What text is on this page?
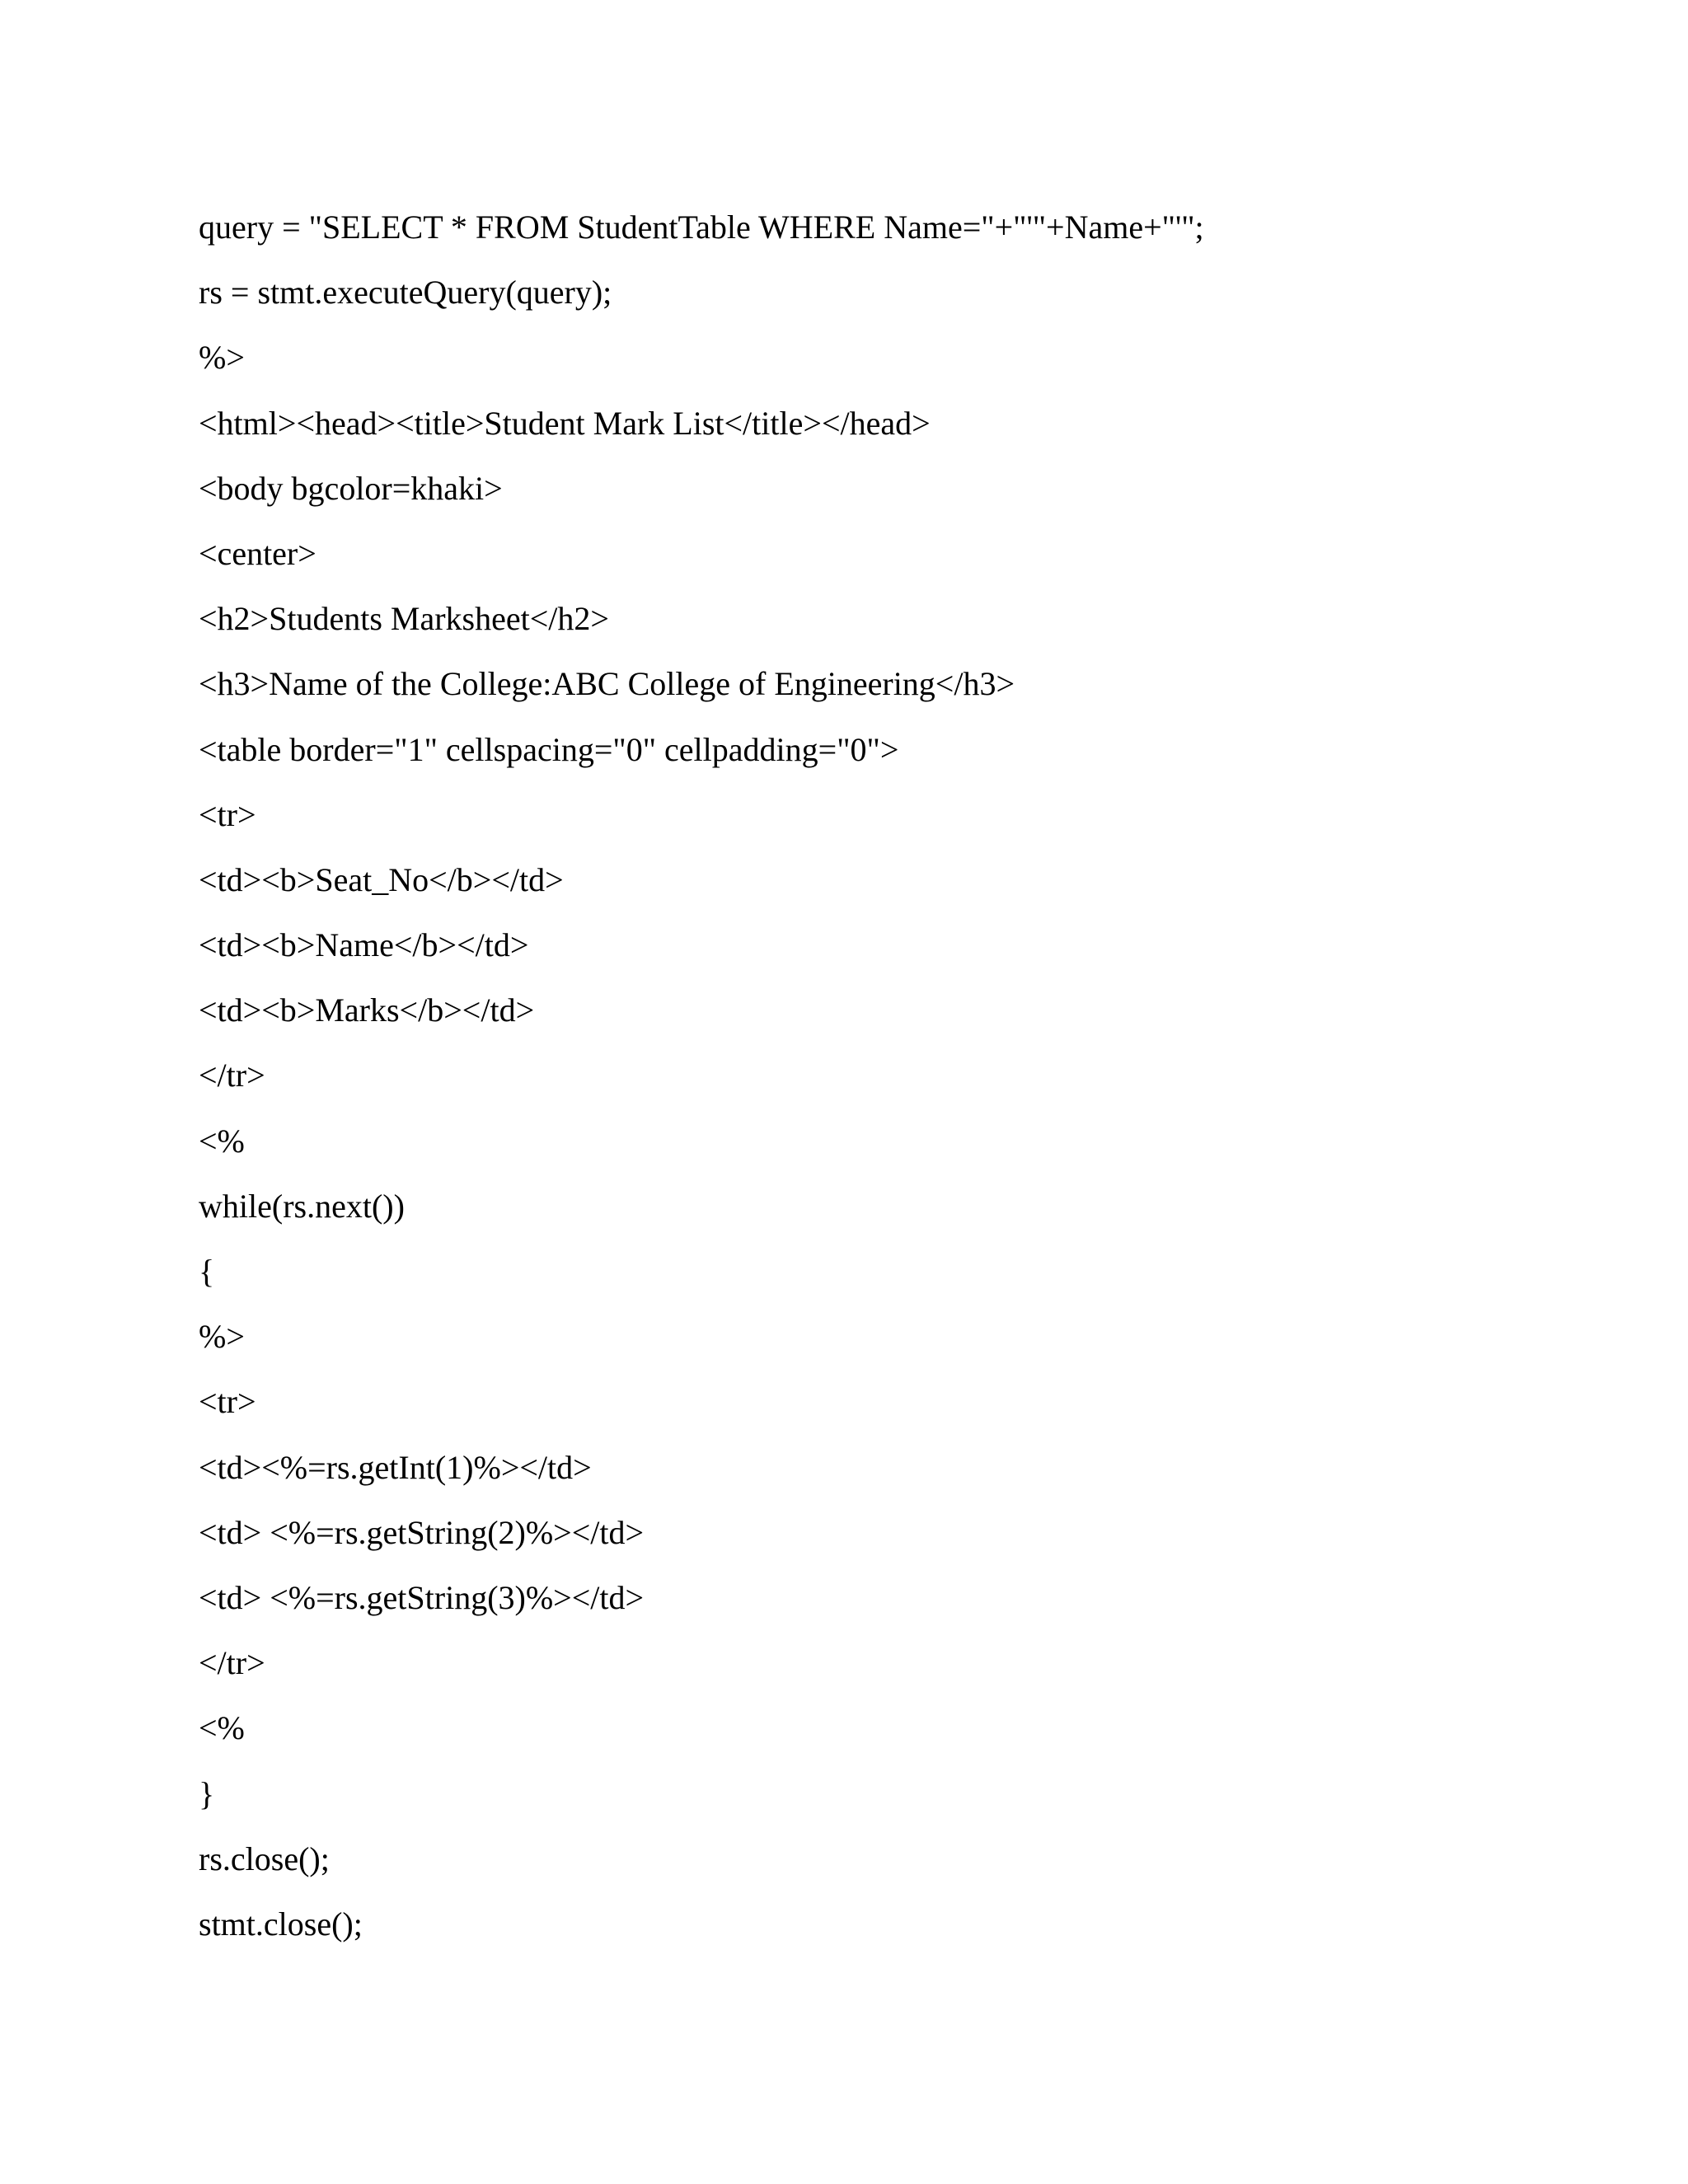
query = "SELECT * FROM StudentTable WHERE Name="+"'"+Name+"'";
rs = stmt.executeQuery(query);
%>
<html><head><title>Student Mark List</title></head>
<body bgcolor=khaki>
<center>
<h2>Students Marksheet</h2>
<h3>Name of the College:ABC College of Engineering</h3>
<table border="1" cellspacing="0" cellpadding="0">
<tr>
<td><b>Seat_No</b></td>
<td><b>Name</b></td>
<td><b>Marks</b></td>
</tr>
<%
while(rs.next())
{
%>
<tr>
<td><%=rs.getInt(1)%></td>
<td> <%=rs.getString(2)%></td>
<td> <%=rs.getString(3)%></td>
</tr>
<%
}
rs.close();
stmt.close();
